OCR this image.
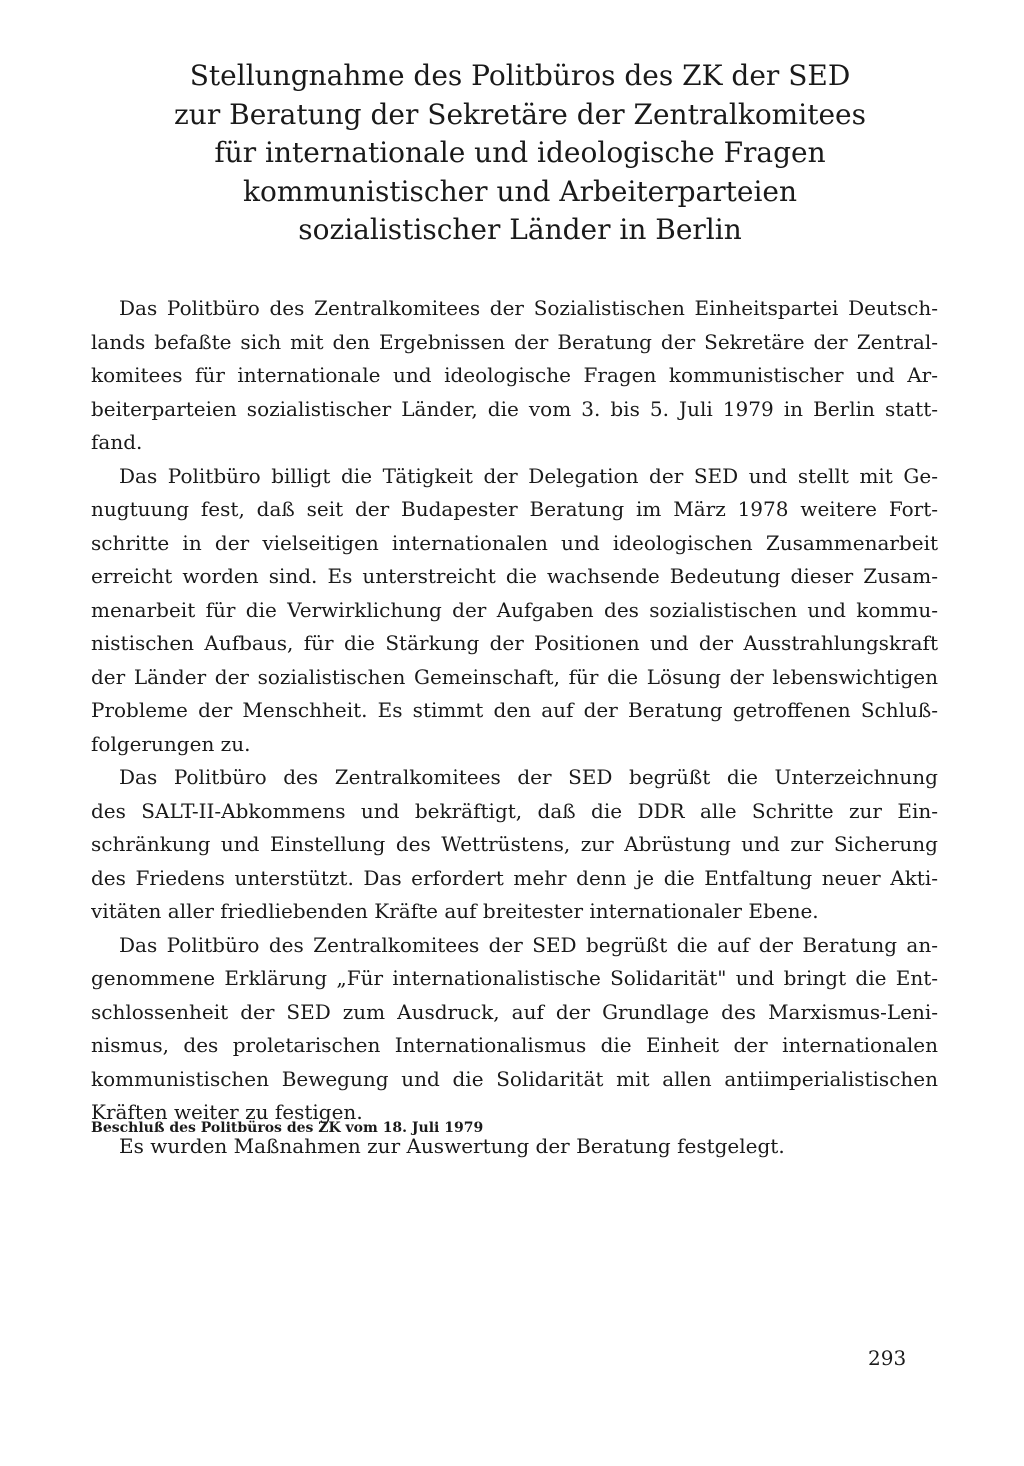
Stellungnahme des Politbüros des ZK der SED
zur Beratung der Sekretäre der Zentralkomitees
für internationale und ideologische Fragen
kommunistischer und Arbeiterparteien
sozialistischer Länder in Berlin
Das Politbüro des Zentralkomitees der Sozialistischen Einheitspartei Deutsch-
lands befaßte sich mit den Ergebnissen der Beratung der Sekretäre der Zentral-
komitees für internationale und ideologische Fragen kommunistischer und Ar-
beiterparteien sozialistischer Länder, die vom 3. bis 5. Juli 1979 in Berlin statt-
fand.
Das Politbüro billigt die Tätigkeit der Delegation der SED und stellt mit Ge-
nugtuung fest, daß seit der Budapester Beratung im März 1978 weitere Fort-
schritte in der vielseitigen internationalen und ideologischen Zusammenarbeit
erreicht worden sind. Es unterstreicht die wachsende Bedeutung dieser Zusam-
menarbeit für die Verwirklichung der Aufgaben des sozialistischen und kommu-
nistischen Aufbaus, für die Stärkung der Positionen und der Ausstrahlungskraft
der Länder der sozialistischen Gemeinschaft, für die Lösung der lebenswichtigen
Probleme der Menschheit. Es stimmt den auf der Beratung getroffenen Schluß-
folgerungen zu.
Das Politbüro des Zentralkomitees der SED begrüßt die Unterzeichnung
des SALT-II-Abkommens und bekräftigt, daß die DDR alle Schritte zur Ein-
schränkung und Einstellung des Wettrüstens, zur Abrüstung und zur Sicherung
des Friedens unterstützt. Das erfordert mehr denn je die Entfaltung neuer Akti-
vitäten aller friedliebenden Kräfte auf breitester internationaler Ebene.
Das Politbüro des Zentralkomitees der SED begrüßt die auf der Beratung an-
genommene Erklärung „Für internationalistische Solidarität" und bringt die Ent-
schlossenheit der SED zum Ausdruck, auf der Grundlage des Marxismus-Leni-
nismus, des proletarischen Internationalismus die Einheit der internationalen
kommunistischen Bewegung und die Solidarität mit allen antiimperialistischen
Kräften weiter zu festigen.
Es wurden Maßnahmen zur Auswertung der Beratung festgelegt.
Beschluß des Politbüros des ZK vom 18. Juli 1979
293
